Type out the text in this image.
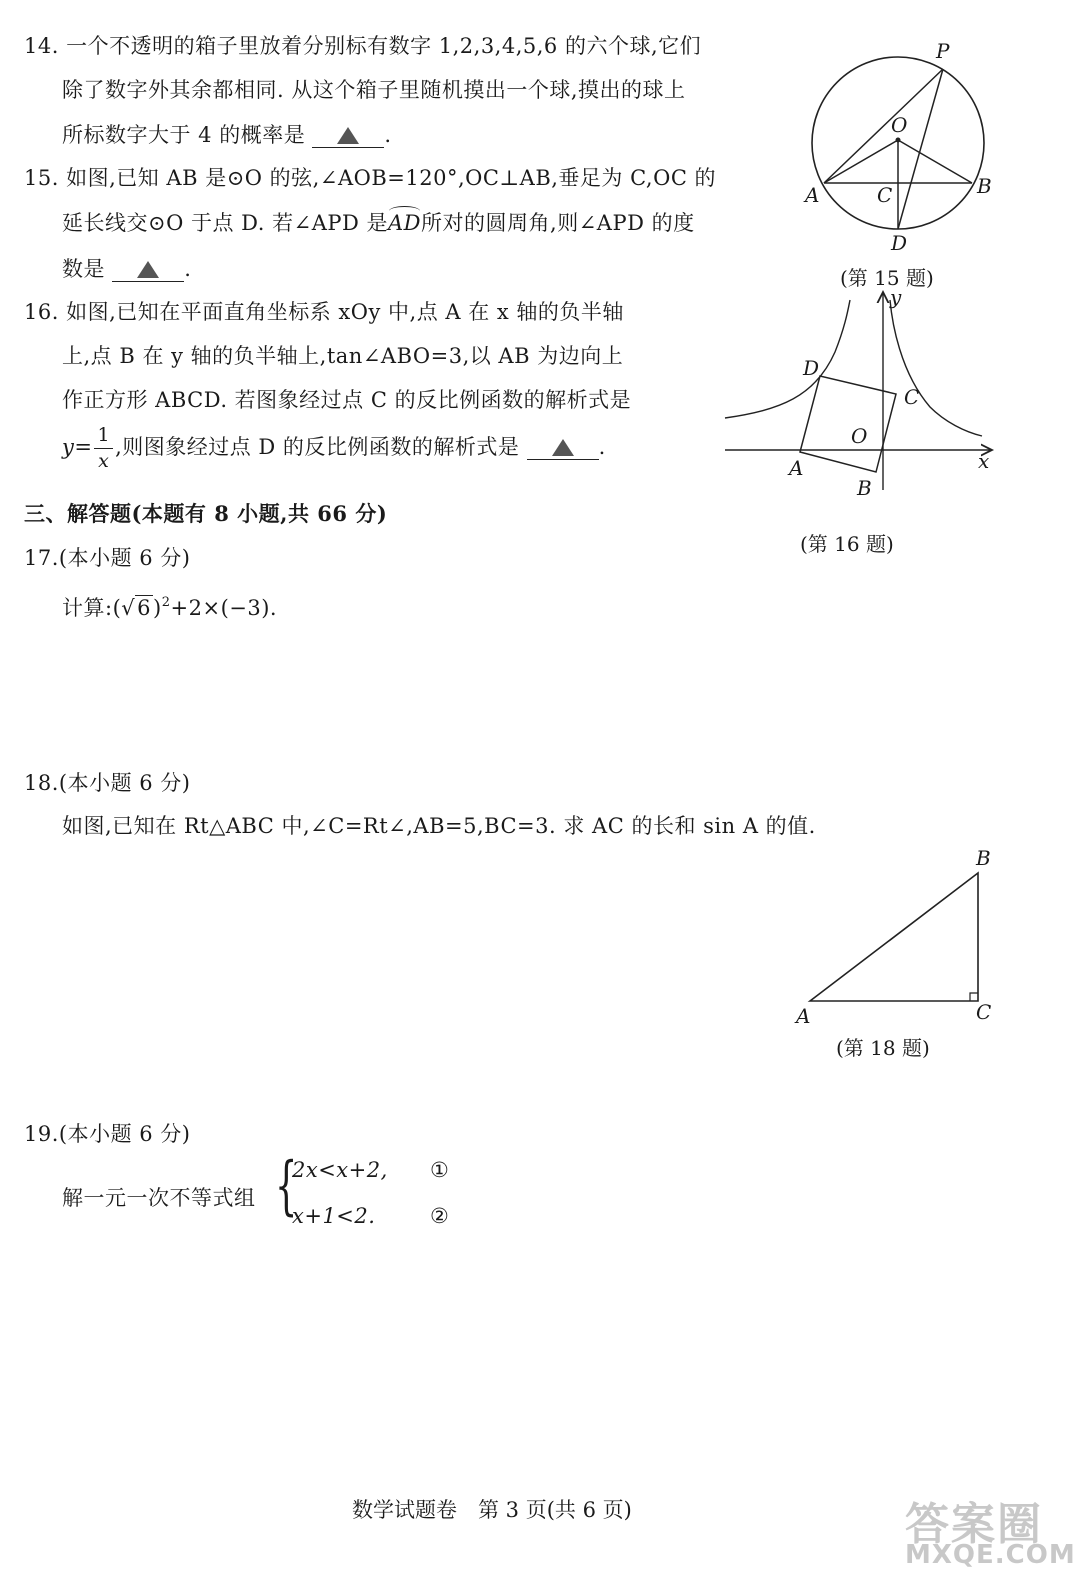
14. 一个不透明的箱子里放着分别标有数字 1,2,3,4,5,6 的六个球,它们
除了数字外其余都相同. 从这个箱子里随机摸出一个球,摸出的球上
所标数字大于 4 的概率是	.
15. 如图,已知 AB 是⊙O 的弦,∠AOB=120°,OC⊥AB,垂足为 C,OC 的
延长线交⊙O 于点 D. 若∠APD 是AD所对的圆周角,则∠APD 的度
数是	.
P
O
A	B
C
D
(第 15 题)
16. 如图,已知在平面直角坐标系 xOy 中,点 A 在 x 轴的负半轴
上,点 B 在 y 轴的负半轴上,tan∠ABO=3,以 AB 为边向上
作正方形 ABCD. 若图象经过点 C 的反比例函数的解析式是
$y= \frac{1}{x}$ ,则图象经过点 D 的反比例函数的解析式是	.
y
x
D
C
O
A
B
(第 16 题)
三、解答题(本题有 8 小题,共 66 分)
17.(本小题 6 分)
计算$:(√6)^2+2\times(-3)$.
18.(本小题 6 分)
如图,已知在 Rt△ABC 中,∠C=Rt∠,AB=5,BC=3. 求 AC 的长和 sin A 的值.
B
A	C
(第 18 题)
19.(本小题 6 分)
解一元一次不等式组 {
2x<x+2, ①
x+1<2.	②
数学试题卷　第 3 页(共 6 页)	答案圈
MXQE.COM
